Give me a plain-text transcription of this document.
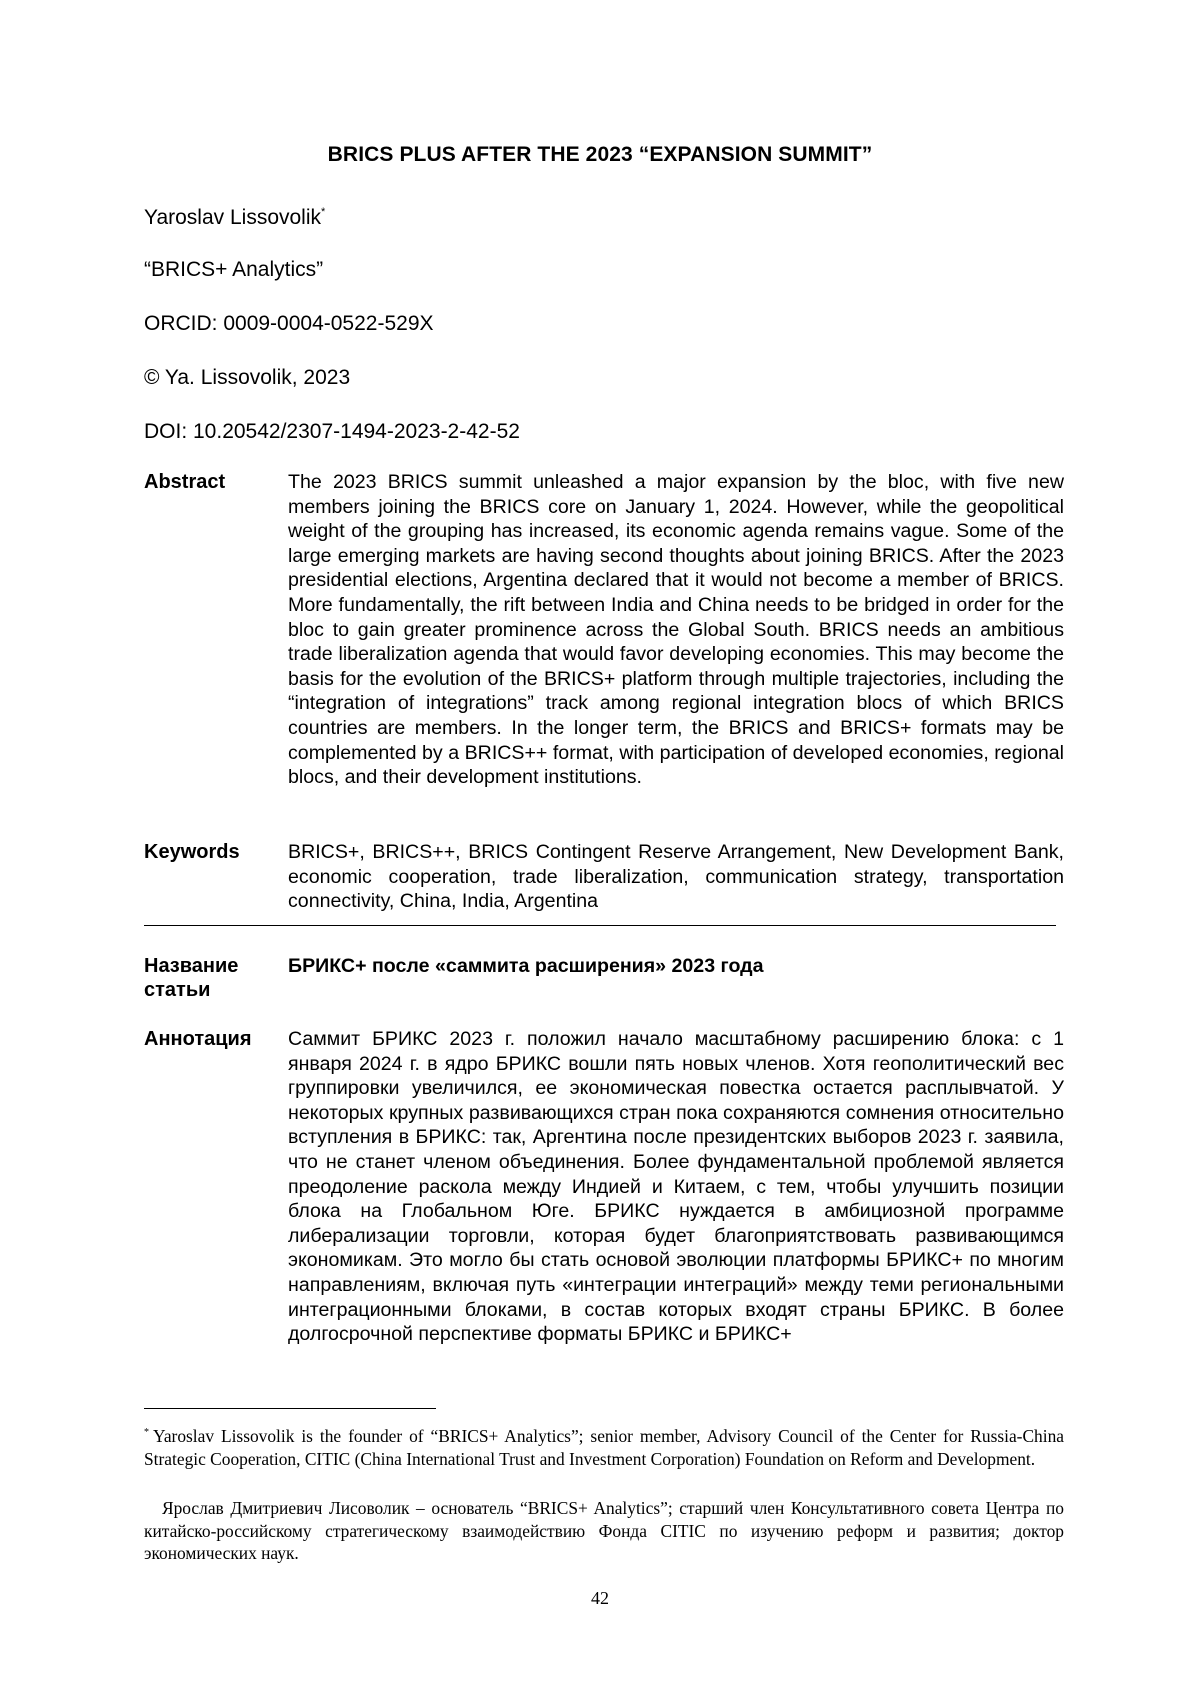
BRICS PLUS AFTER THE 2023 “EXPANSION SUMMIT”
Yaroslav Lissovolik*
“BRICS+ Analytics”
ORCID: 0009-0004-0522-529X
© Ya. Lissovolik, 2023
DOI: 10.20542/2307-1494-2023-2-42-52
Abstract	The 2023 BRICS summit unleashed a major expansion by the bloc, with five new members joining the BRICS core on January 1, 2024. However, while the geopolitical weight of the grouping has increased, its economic agenda remains vague. Some of the large emerging markets are having second thoughts about joining BRICS. After the 2023 presidential elections, Argentina declared that it would not become a member of BRICS. More fundamentally, the rift between India and China needs to be bridged in order for the bloc to gain greater prominence across the Global South. BRICS needs an ambitious trade liberalization agenda that would favor developing economies. This may become the basis for the evolution of the BRICS+ platform through multiple trajectories, including the “integration of integrations” track among regional integration blocs of which BRICS countries are members. In the longer term, the BRICS and BRICS+ formats may be complemented by a BRICS++ format, with participation of developed economies, regional blocs, and their development institutions.
Keywords BRICS+, BRICS++, BRICS Contingent Reserve Arrangement, New Development Bank, economic cooperation, trade liberalization, communication strategy, transportation connectivity, China, India, Argentina
Название статьи
БРИКС+ после «саммита расширения» 2023 года
Аннотация Саммит БРИКС 2023 г. положил начало масштабному расширению блока: с 1 января 2024 г. в ядро БРИКС вошли пять новых членов. Хотя геополитический вес группировки увеличился, ее экономическая повестка остается расплывчатой. У некоторых крупных развивающихся стран пока сохраняются сомнения относительно вступления в БРИКС: так, Аргентина после президентских выборов 2023 г. заявила, что не станет членом объединения. Более фундаментальной проблемой является преодоление раскола между Индией и Китаем, с тем, чтобы улучшить позиции блока на Глобальном Юге. БРИКС нуждается в амбициозной программе либерализации торговли, которая будет благоприятствовать развивающимся экономикам. Это могло бы стать основой эволюции платформы БРИКС+ по многим направлениям, включая путь «интеграции интеграций» между теми региональными интеграционными блоками, в состав которых входят страны БРИКС. В более долгосрочной перспективе форматы БРИКС и БРИКС+
* Yaroslav Lissovolik is the founder of “BRICS+ Analytics”; senior member, Advisory Council of the Center for Russia-China Strategic Cooperation, CITIC (China International Trust and Investment Corporation) Foundation on Reform and Development.
Ярослав Дмитриевич Лисоволик – основатель “BRICS+ Analytics”; старший член Консультативного совета Центра по китайско-российскому стратегическому взаимодействию Фонда CITIC по изучению реформ и развития; доктор экономических наук.
42
